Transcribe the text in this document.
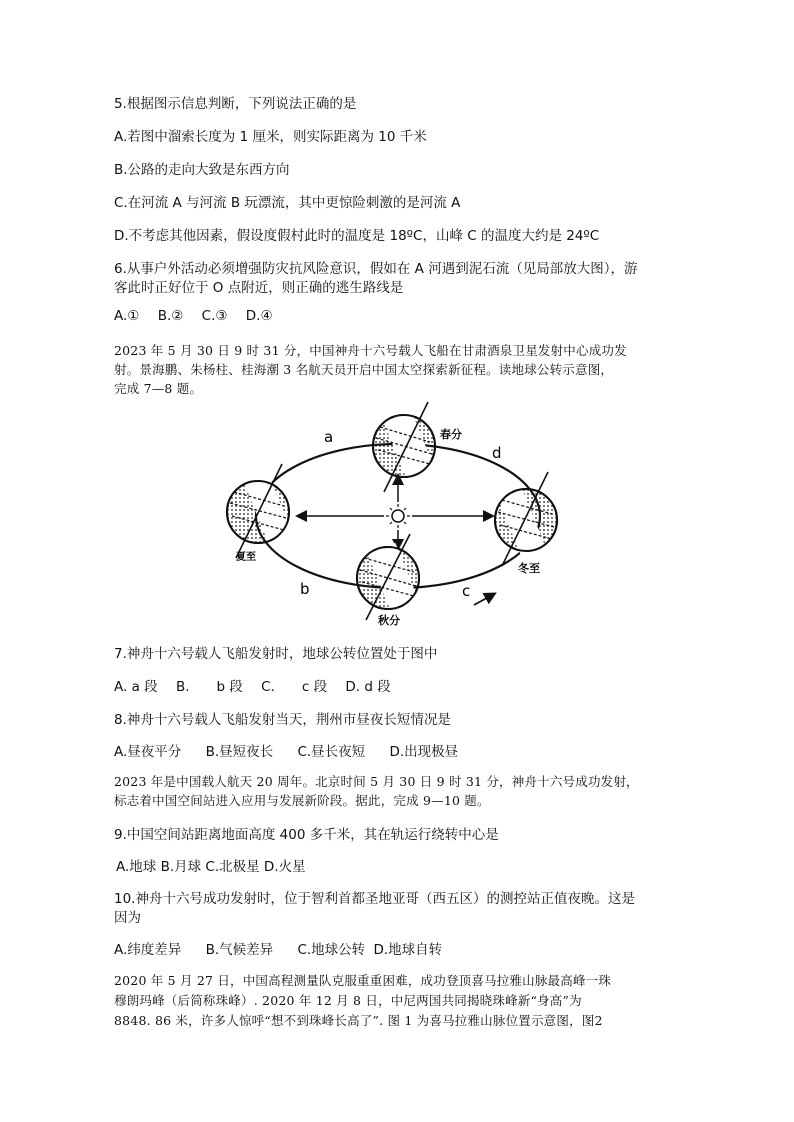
5.根据图示信息判断，下列说法正确的是
A.若图中溜索长度为 1 厘米，则实际距离为 10 千米
B.公路的走向大致是东西方向
C.在河流 A 与河流 B 玩漂流，其中更惊险刺激的是河流 A
D.不考虑其他因素，假设度假村此时的温度是 18ºC，山峰 C 的温度大约是 24ºC
6.从事户外活动必须增强防灾抗风险意识，假如在 A 河遇到泥石流（见局部放大图），游
客此时正好位于 O 点附近，则正确的逃生路线是
A.① B.② C.③ D.④
2023 年 5 月 30 日 9 时 31 分，中国神舟十六号载人飞船在甘肃酒泉卫星发射中心成功发
射。景海鹏、朱杨柱、桂海潮 3 名航天员开启中国太空探索新征程。读地球公转示意图，
完成 7—8 题。
春分
夏至
秋分
冬至
a
b	c
d
7.神舟十六号载人飞船发射时，地球公转位置处于图中
A. a 段 B.　　b 段 C.　　c 段 D. d 段
8.神舟十六号载人飞船发射当天，荆州市昼夜长短情况是
A.昼夜平分 B.昼短夜长 C.昼长夜短 D.出现极昼
2023 年是中国载人航天 20 周年。北京时间 5 月 30 日 9 时 31 分，神舟十六号成功发射，
标志着中国空间站进入应用与发展新阶段。据此，完成 9—10 题。
9.中国空间站距离地面高度 400 多千米，其在轨运行绕转中心是
A.地球 B.月球 C.北极星 D.火星
10.神舟十六号成功发射时，位于智利首都圣地亚哥（西五区）的测控站正值夜晚。这是
因为
A.纬度差异 B.气候差异 C.地球公转 D.地球自转
2020 年 5 月 27 日，中国高程测量队克服重重困难，成功登顶喜马拉雅山脉最高峰一珠
穆朗玛峰（后简称珠峰）. 2020 年 12 月 8 日，中尼两国共同揭晓珠峰新“身高”为
8848. 86 米，许多人惊呼“想不到珠峰长高了”. 图 1 为喜马拉雅山脉位置示意图，图2
